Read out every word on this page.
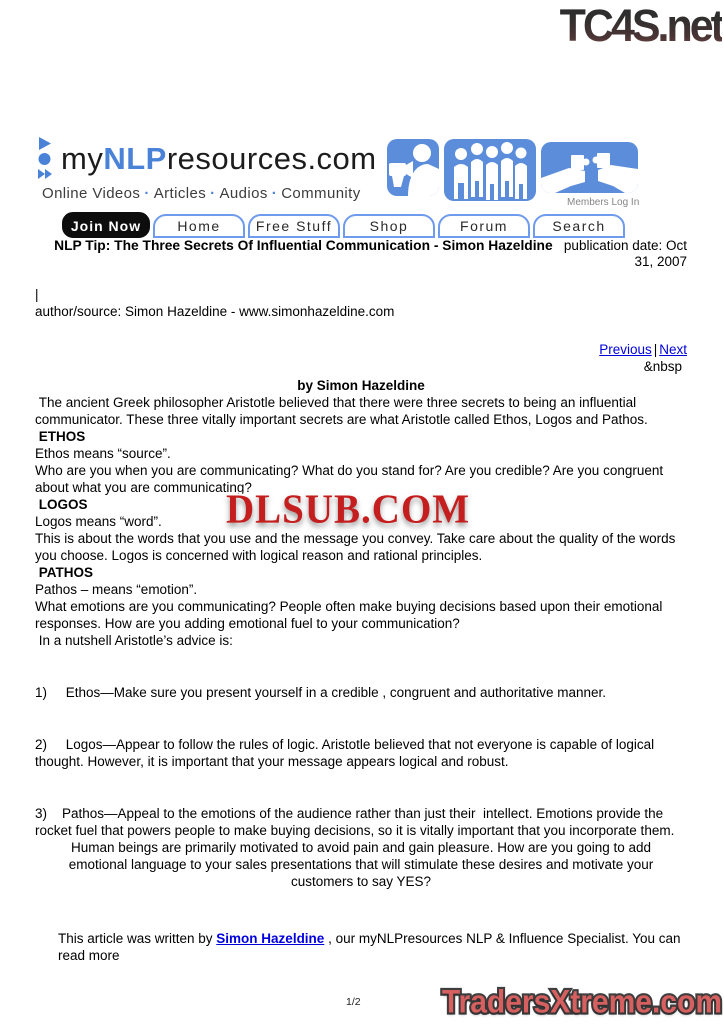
TC4S.net
myNLPresources.com
Online Videos · Articles · Audios · Community
Members Log In
Join Now	Home	Free Stuff	Shop	Forum	Search
NLP Tip: The Three Secrets Of Influential Communication - Simon Hazeldine   publication date: Oct 31, 2007
|
author/source: Simon Hazeldine - www.simonhazeldine.com
Previous | Next
&nbsp
by Simon Hazeldine
The ancient Greek philosopher Aristotle believed that there were three secrets to being an influential communicator. These three vitally important secrets are what Aristotle called Ethos, Logos and Pathos.
ETHOS
Ethos means “source”.
Who are you when you are communicating? What do you stand for? Are you credible? Are you congruent about what you are communicating?
LOGOS
Logos means “word”.
This is about the words that you use and the message you convey. Take care about the quality of the words you choose. Logos is concerned with logical reason and rational principles.
PATHOS
Pathos – means “emotion”.
What emotions are you communicating? People often make buying decisions based upon their emotional responses. How are you adding emotional fuel to your communication?
In a nutshell Aristotle’s advice is:
1)     Ethos—Make sure you present yourself in a credible , congruent and authoritative manner.
2)     Logos—Appear to follow the rules of logic. Aristotle believed that not everyone is capable of logical thought. However, it is important that your message appears logical and robust.
3)    Pathos—Appeal to the emotions of the audience rather than just their  intellect. Emotions provide the rocket fuel that powers people to make buying decisions, so it is vitally important that you incorporate them.
Human beings are primarily motivated to avoid pain and gain pleasure. How are you going to add emotional language to your sales presentations that will stimulate these desires and motivate your customers to say YES?
This article was written by Simon Hazeldine , our myNLPresources NLP & Influence Specialist. You can read more
DLSUB.COM
1/2	TradersXtreme.com
